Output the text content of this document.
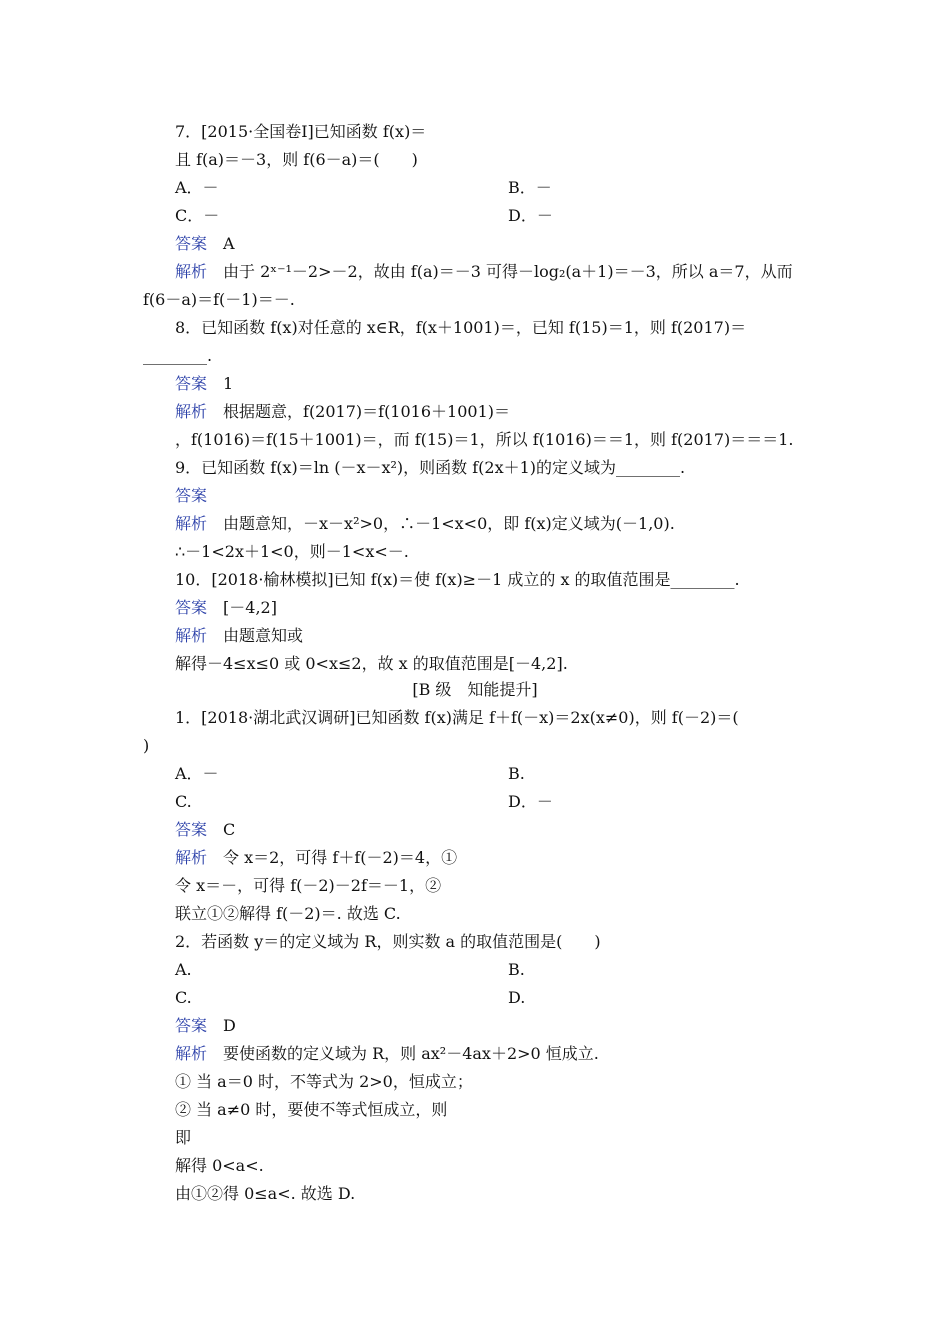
7．[2015·全国卷Ⅰ]已知函数 f(x)＝
且 f(a)＝－3，则 f(6－a)＝(　　)
A．－	B．－
C．－	D．－
答案　A
解析　由于 2ˣ⁻¹－2>－2，故由 f(a)＝－3 可得－log₂(a＋1)＝－3，所以 a＝7，从而
f(6－a)＝f(－1)＝－.
8．已知函数 f(x)对任意的 x∈R，f(x＋1001)＝，已知 f(15)＝1，则 f(2017)＝
________.
答案　1
解析　根据题意，f(2017)＝f(1016＋1001)＝
，f(1016)＝f(15＋1001)＝，而 f(15)＝1，所以 f(1016)＝＝1，则 f(2017)＝＝＝1.
9．已知函数 f(x)＝ln (－x－x²)，则函数 f(2x＋1)的定义域为________.
答案
解析　由题意知，－x－x²>0，∴－1<x<0，即 f(x)定义域为(－1,0).
∴－1<2x＋1<0，则－1<x<－.
10．[2018·榆林模拟]已知 f(x)＝使 f(x)≥－1 成立的 x 的取值范围是________.
答案　[－4,2]
解析　由题意知或
解得－4≤x≤0 或 0<x≤2，故 x 的取值范围是[－4,2].
1．[2018·湖北武汉调研]已知函数 f(x)满足 f＋f(－x)＝2x(x≠0)，则 f(－2)＝(
)
A．－	B.
C.	D．－
答案　C
解析　令 x＝2，可得 f＋f(－2)＝4，①
令 x＝－，可得 f(－2)－2f＝－1，②
联立①②解得 f(－2)＝. 故选 C.
2．若函数 y＝的定义域为 R，则实数 a 的取值范围是(　　)
A.	B.
C.	D.
答案　D
解析　要使函数的定义域为 R，则 ax²－4ax＋2>0 恒成立.
① 当 a＝0 时，不等式为 2>0，恒成立；
② 当 a≠0 时，要使不等式恒成立，则
即
解得 0<a<.
由①②得 0≤a<. 故选 D.
[B 级　知能提升]
